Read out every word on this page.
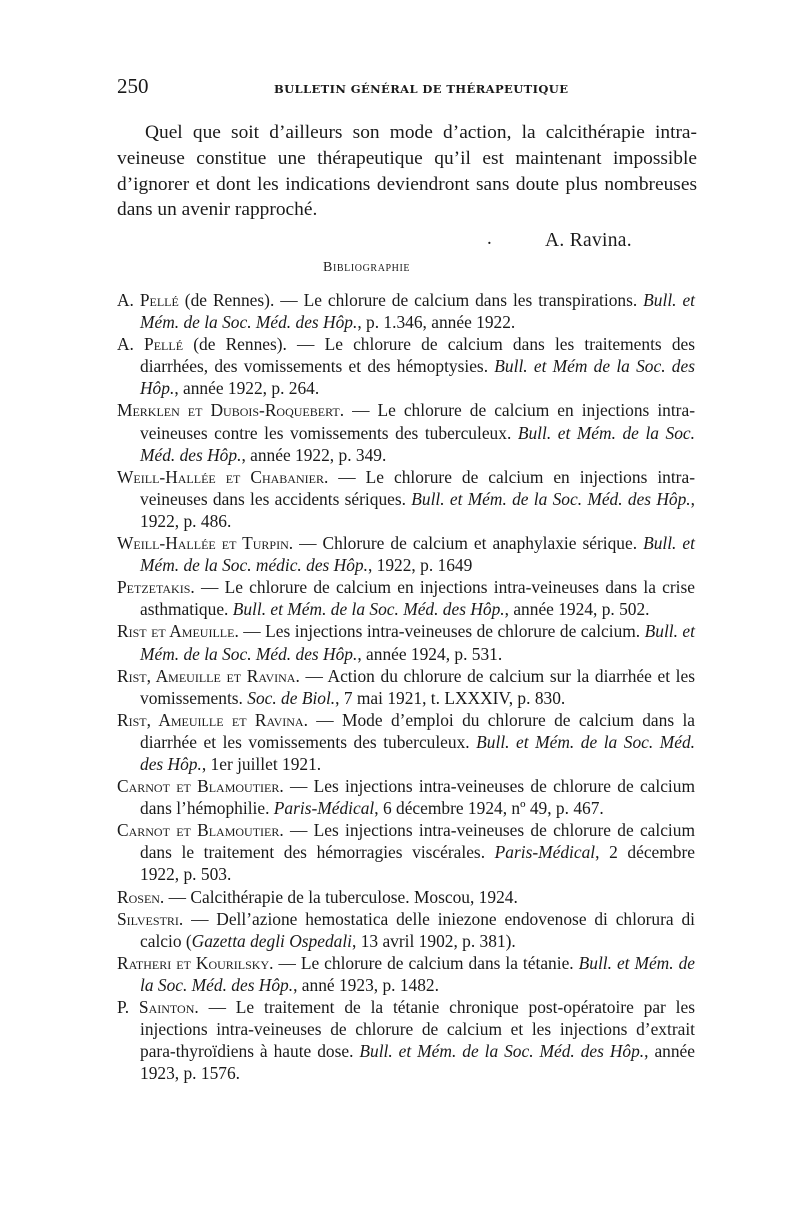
250	BULLETIN GÉNÉRAL DE THÉRAPEUTIQUE

Quel que soit d’ailleurs son mode d’action, la calcithérapie intra-veineuse constitue une thérapeutique qu’il est maintenant impossible d’ignorer et dont les indications deviendront sans doute plus nombreuses dans un avenir rapproché.

.	A. Ravina.
Bibliographie
A. Pellé (de Rennes). — Le chlorure de calcium dans les transpirations. Bull. et Mém. de la Soc. Méd. des Hôp., p. 1.346, année 1922.
A. Pellé (de Rennes). — Le chlorure de calcium dans les traitements des diarrhées, des vomissements et des hémoptysies. Bull. et Mém de la Soc. des Hôp., année 1922, p. 264.
Merklen et Dubois-Roquebert. — Le chlorure de calcium en injections intra-veineuses contre les vomissements des tuberculeux. Bull. et Mém. de la Soc. Méd. des Hôp., année 1922, p. 349.
Weill-Hallée et Chabanier. — Le chlorure de calcium en injections intra-veineuses dans les accidents sériques. Bull. et Mém. de la Soc. Méd. des Hôp., 1922, p. 486.
Weill-Hallée et Turpin. — Chlorure de calcium et anaphylaxie sérique. Bull. et Mém. de la Soc. médic. des Hôp., 1922, p. 1649
Petzetakis. — Le chlorure de calcium en injections intra-veineuses dans la crise asthmatique. Bull. et Mém. de la Soc. Méd. des Hôp., année 1924, p. 502.
Rist et Ameuille. — Les injections intra-veineuses de chlorure de calcium. Bull. et Mém. de la Soc. Méd. des Hôp., année 1924, p. 531.
Rist, Ameuille et Ravina. — Action du chlorure de calcium sur la diarrhée et les vomissements. Soc. de Biol., 7 mai 1921, t. LXXXIV, p. 830.
Rist, Ameuille et Ravina. — Mode d’emploi du chlorure de calcium dans la diarrhée et les vomissements des tuberculeux. Bull. et Mém. de la Soc. Méd. des Hôp., 1er juillet 1921.
Carnot et Blamoutier. — Les injections intra-veineuses de chlorure de calcium dans l’hémophilie. Paris-Médical, 6 décembre 1924, nº 49, p. 467.
Carnot et Blamoutier. — Les injections intra-veineuses de chlorure de calcium dans le traitement des hémorragies viscérales. Paris-Médical, 2 décembre 1922, p. 503.
Rosen. — Calcithérapie de la tuberculose. Moscou, 1924.
Silvestri. — Dell’azione hemostatica delle iniezone endovenose di chlorura di calcio (Gazetta degli Ospedali, 13 avril 1902, p. 381).
Ratheri et Kourilsky. — Le chlorure de calcium dans la tétanie. Bull. et Mém. de la Soc. Méd. des Hôp., anné 1923, p. 1482.
P. Sainton. — Le traitement de la tétanie chronique post-opératoire par les injections intra-veineuses de chlorure de calcium et les injections d’extrait para-thyroïdiens à haute dose. Bull. et Mém. de la Soc. Méd. des Hôp., année 1923, p. 1576.
